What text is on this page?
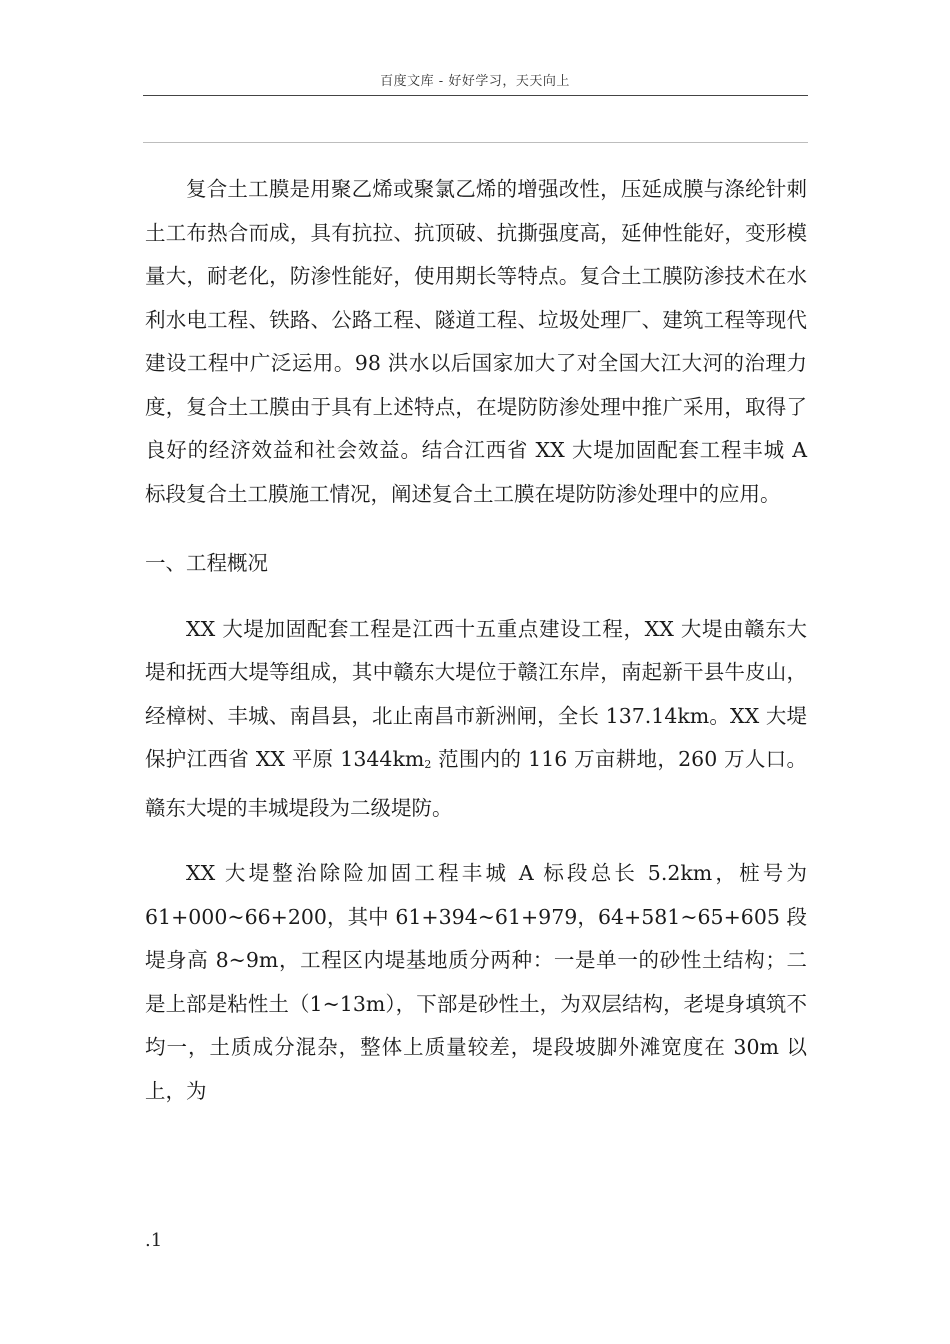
百度文库 - 好好学习，天天向上

复合土工膜是用聚乙烯或聚氯乙烯的增强改性，压延成膜与涤纶针刺土工布热合而成，具有抗拉、抗顶破、抗撕强度高，延伸性能好，变形模量大，耐老化，防渗性能好，使用期长等特点。复合土工膜防渗技术在水利水电工程、铁路、公路工程、隧道工程、垃圾处理厂、建筑工程等现代建设工程中广泛运用。98 洪水以后国家加大了对全国大江大河的治理力度，复合土工膜由于具有上述特点，在堤防防渗处理中推广采用，取得了良好的经济效益和社会效益。结合江西省 XX 大堤加固配套工程丰城 A 标段复合土工膜施工情况，阐述复合土工膜在堤防防渗处理中的应用。

一、工程概况

XX 大堤加固配套工程是江西十五重点建设工程，XX 大堤由赣东大堤和抚西大堤等组成，其中赣东大堤位于赣江东岸，南起新干县牛皮山，经樟树、丰城、南昌县，北止南昌市新洲闸，全长 137.14km。XX 大堤保护江西省 XX 平原 $1344km_2$ 范围内的 116 万亩耕地，260 万人口。赣东大堤的丰城堤段为二级堤防。

XX 大堤整治除险加固工程丰城 A 标段总长 5.2km，桩号为 61+000~66+200，其中 61+394~61+979，64+581~65+605 段堤身高 8~9m，工程区内堤基地质分两种：一是单一的砂性土结构；二是上部是粘性土（1~13m），下部是砂性土，为双层结构，老堤身填筑不均一，土质成分混杂，整体上质量较差，堤段坡脚外滩宽度在 30m 以上，为

.1
